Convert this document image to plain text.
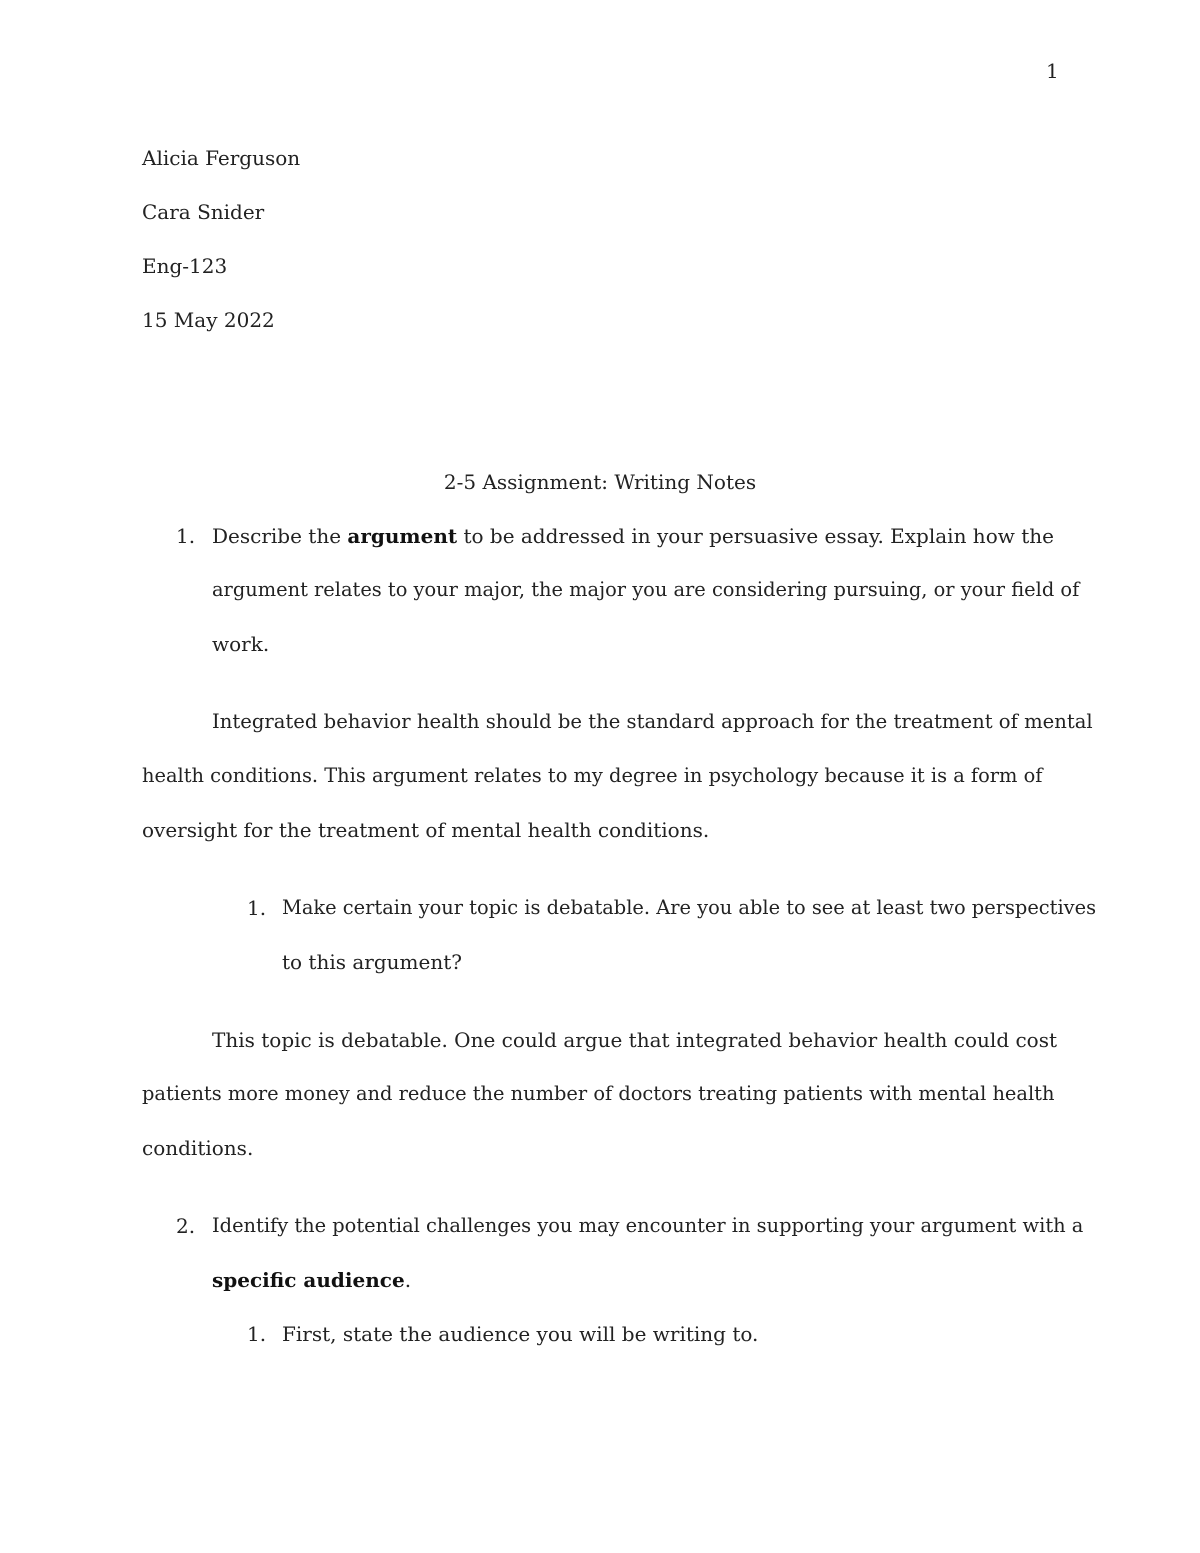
1
Alicia Ferguson
Cara Snider
Eng-123
15 May 2022
2-5 Assignment: Writing Notes
1. Describe the argument to be addressed in your persuasive essay. Explain how the
argument relates to your major, the major you are considering pursuing, or your field of
work.
Integrated behavior health should be the standard approach for the treatment of mental
health conditions. This argument relates to my degree in psychology because it is a form of
oversight for the treatment of mental health conditions.
1. Make certain your topic is debatable. Are you able to see at least two perspectives
to this argument?
This topic is debatable. One could argue that integrated behavior health could cost
patients more money and reduce the number of doctors treating patients with mental health
conditions.
2. Identify the potential challenges you may encounter in supporting your argument with a
specific audience.
1. First, state the audience you will be writing to.
